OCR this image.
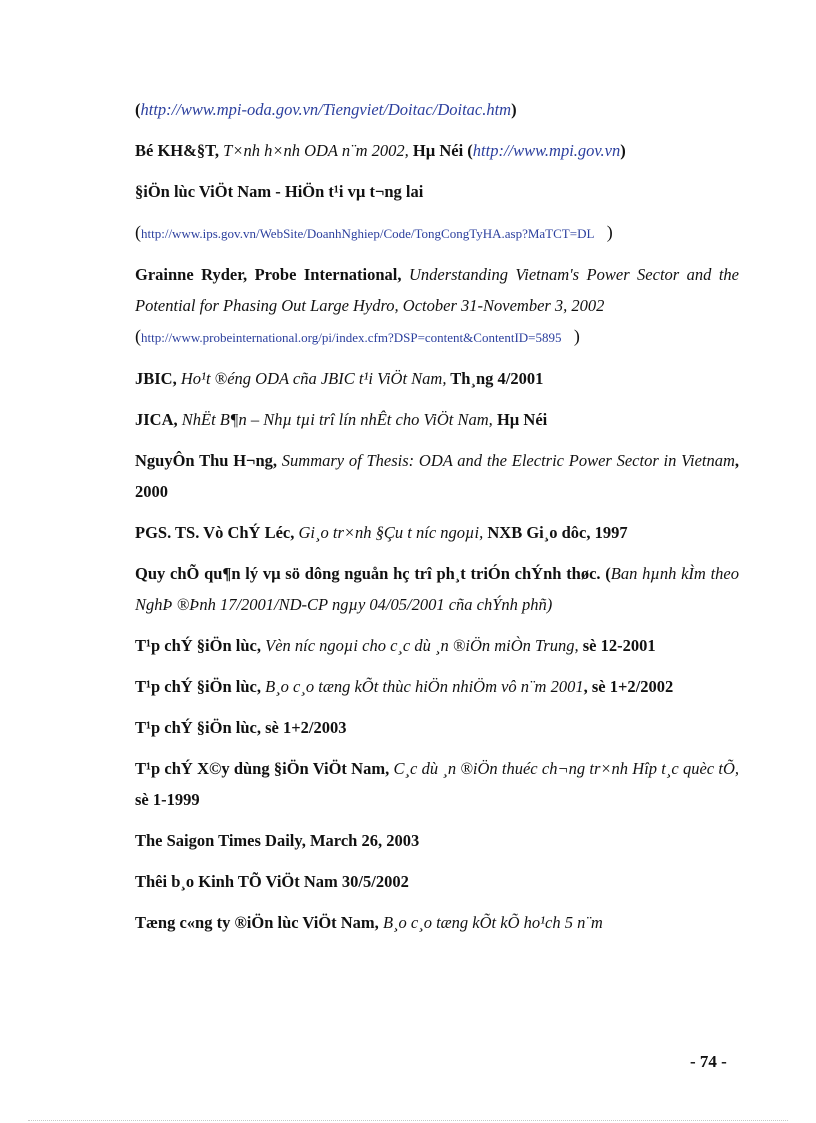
(http://www.mpi-oda.gov.vn/Tiengviet/Doitac/Doitac.htm)
Bé KH&§T, T×nh h×nh ODA n¨m 2002, Hµ Néi (http://www.mpi.gov.vn)
§iÖn lùc ViÖt Nam - HiÖn t¹i vµ t¬ng lai
(http://www.ips.gov.vn/WebSite/DoanhNghiep/Code/TongCongTyHA.asp?MaTCT=DL )
Grainne Ryder, Probe International, Understanding Vietnam's Power Sector and the Potential for Phasing Out Large Hydro, October 31-November 3, 2002
(http://www.probeinternational.org/pi/index.cfm?DSP=content&ContentID=5895 )
JBIC, Ho¹t ®éng ODA cña JBIC t¹i ViÖt Nam, Th¸ng 4/2001
JICA, NhËt B¶n – Nhµ tµi trî lín nhÊt cho ViÖt Nam, Hµ Néi
NguyÔn Thu H¬ng, Summary of Thesis: ODA and the Electric Power Sector in Vietnam, 2000
PGS. TS. Vò ChÝ Léc, Gi¸o tr×nh §Çu t níc ngoµi, NXB Gi¸o dôc, 1997
Quy chÕ qu¶n lý vµ sö dông nguån hç trî ph¸t triÓn chÝnh thøc. (Ban hµnh kÌm theo NghÞ ®Þnh 17/2001/ND-CP ngµy 04/05/2001 cña chÝnh phñ)
T¹p chÝ §iÖn lùc, Vèn níc ngoµi cho c¸c dù ¸n ®iÖn miÒn Trung, sè 12-2001
T¹p chÝ §iÖn lùc, B¸o c¸o tæng kÕt thùc hiÖn nhiÖm vô n¨m 2001, sè 1+2/2002
T¹p chÝ §iÖn lùc, sè 1+2/2003
T¹p chÝ X©y dùng §iÖn ViÖt Nam, C¸c dù ¸n ®iÖn thuéc ch¬ng tr×nh Hîp t¸c quèc tÕ, sè 1-1999
The Saigon Times Daily, March 26, 2003
Thêi b¸o Kinh TÕ ViÖt Nam 30/5/2002
Tæng c«ng ty ®iÖn lùc ViÖt Nam, B¸o c¸o tæng kÕt kÕ ho¹ch 5 n¨m
- 74 -
